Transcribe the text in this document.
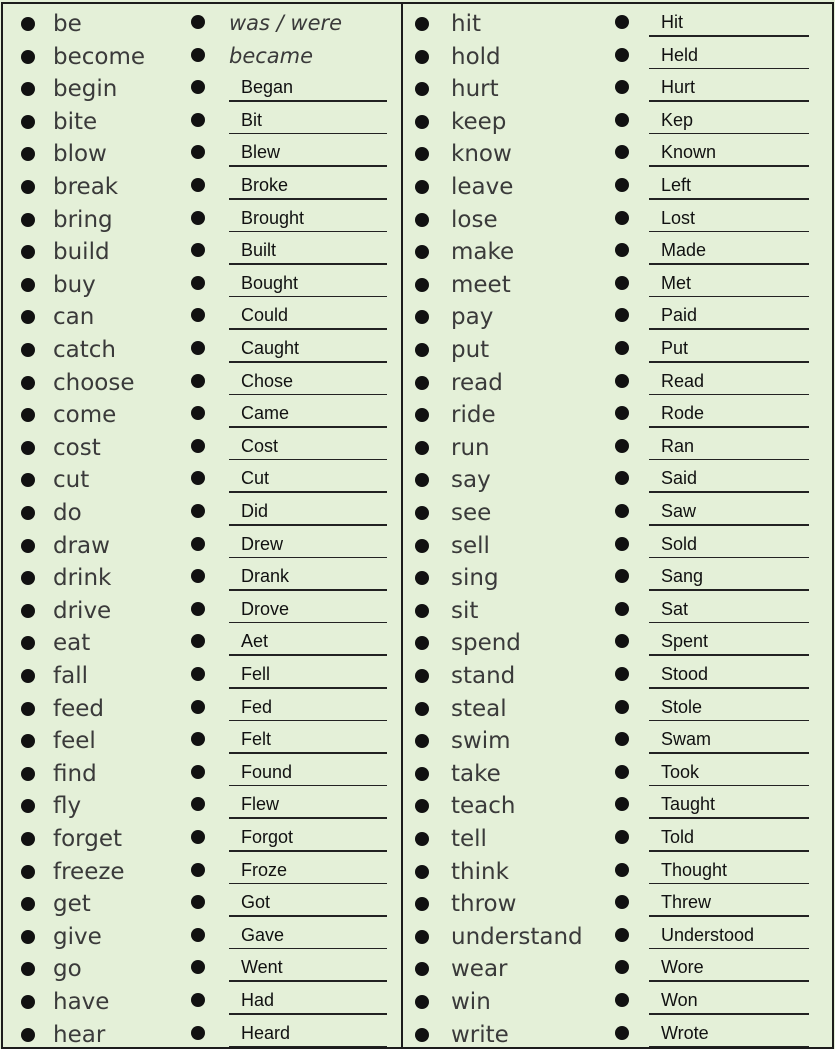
be	was / were
become	became
begin	Began
bite	Bit
blow	Blew
break	Broke
bring	Brought
build	Built
buy	Bought
can	Could
catch	Caught
choose	Chose
come	Came
cost	Cost
cut	Cut
do	Did
draw	Drew
drink	Drank
drive	Drove
eat	Aet
fall	Fell
feed	Fed
feel	Felt
find	Found
fly	Flew
forget	Forgot
freeze	Froze
get	Got
give	Gave
go	Went
have	Had
hear	Heard
hit	Hit
hold	Held
hurt	Hurt
keep	Kep
know	Known
leave	Left
lose	Lost
make	Made
meet	Met
pay	Paid
put	Put
read	Read
ride	Rode
run	Ran
say	Said
see	Saw
sell	Sold
sing	Sang
sit	Sat
spend	Spent
stand	Stood
steal	Stole
swim	Swam
take	Took
teach	Taught
tell	Told
think	Thought
throw	Threw
understand	Understood
wear	Wore
win	Won
write	Wrote
